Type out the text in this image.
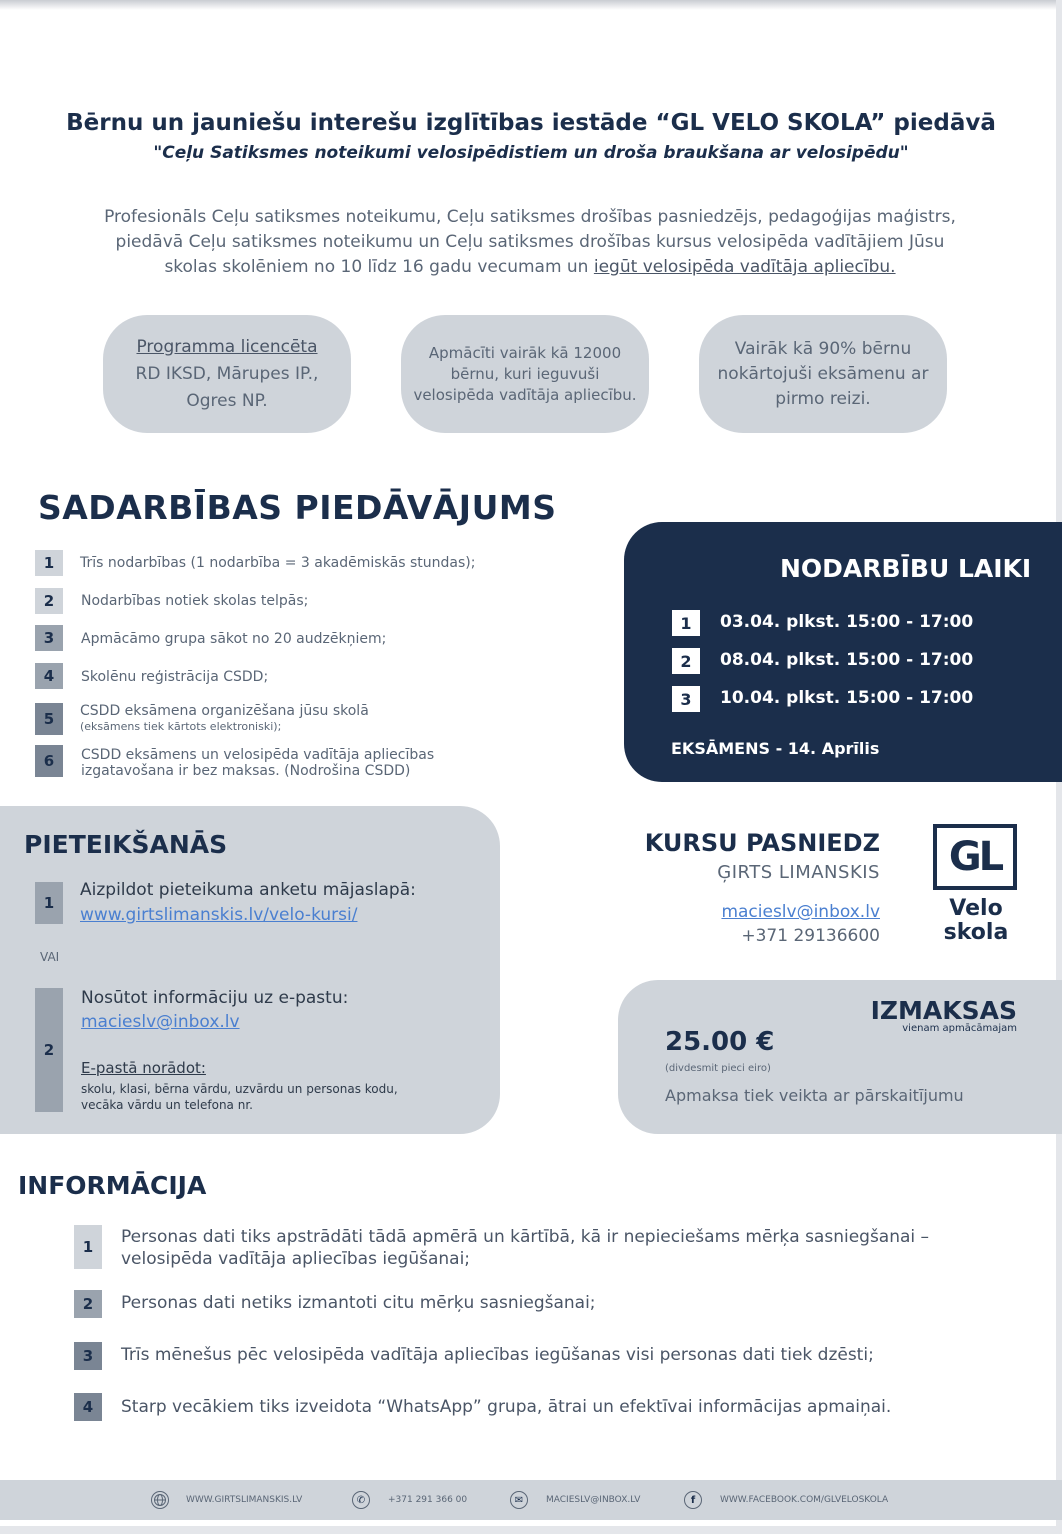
Bērnu un jauniešu interešu izglītības iestāde “GL VELO SKOLA” piedāvā
"Ceļu Satiksmes noteikumi velosipēdistiem un droša braukšana ar velosipēdu"
Profesionāls Ceļu satiksmes noteikumu, Ceļu satiksmes drošības pasniedzējs, pedagoģijas maģistrs,
piedāvā Ceļu satiksmes noteikumu un Ceļu satiksmes drošības kursus velosipēda vadītājiem Jūsu
skolas skolēniem no 10 līdz 16 gadu vecumam un iegūt velosipēda vadītāja apliecību.
Programma licencēta
RD IKSD, Mārupes IP.,
Ogres NP.
Apmācīti vairāk kā 12000 bērnu, kuri ieguvuši velosipēda vadītāja apliecību.
Vairāk kā 90% bērnu nokārtojuši eksāmenu ar pirmo reizi.
SADARBĪBAS PIEDĀVĀJUMS
1	Trīs nodarbības (1 nodarbība = 3 akadēmiskās stundas);
2	Nodarbības notiek skolas telpās;
3	Apmācāmo grupa sākot no 20 audzēkņiem;
4	Skolēnu reģistrācija CSDD;
5	CSDD eksāmena organizēšana jūsu skolā
(eksāmens tiek kārtots elektroniski);
6	CSDD eksāmens un velosipēda vadītāja apliecības
izgatavošana ir bez maksas. (Nodrošina CSDD)
NODARBĪBU LAIKI
1	03.04. plkst. 15:00 - 17:00
2	08.04. plkst. 15:00 - 17:00
3	10.04. plkst. 15:00 - 17:00
EKSĀMENS - 14. Aprīlis
PIETEIKŠANĀS
1
Aizpildot pieteikuma anketu mājaslapā:
www.girtslimanskis.lv/velo-kursi/
VAI
2
Nosūtot informāciju uz e-pastu:
macieslv@inbox.lv
E-pastā norādot:
skolu, klasi, bērna vārdu, uzvārdu un personas kodu,
vecāka vārdu un telefona nr.
KURSU PASNIEDZ
ĢIRTS LIMANSKIS
macieslv@inbox.lv
+371 29136600
GL
Velo
skola
IZMAKSAS
vienam apmācāmajam
25.00 €
(divdesmit pieci eiro)
Apmaksa tiek veikta ar pārskaitījumu
INFORMĀCIJA
1	Personas dati tiks apstrādāti tādā apmērā un kārtībā, kā ir nepieciešams mērķa sasniegšanai –
velosipēda vadītāja apliecības iegūšanai;
2	Personas dati netiks izmantoti citu mērķu sasniegšanai;
3	Trīs mēnešus pēc velosipēda vadītāja apliecības iegūšanas visi personas dati tiek dzēsti;
4	Starp vecākiem tiks izveidota “WhatsApp” grupa, ātrai un efektīvai informācijas apmaiņai.
WWW.GIRTSLIMANSKIS.LV	✆	+371 291 366 00	✉	MACIESLV@INBOX.LV	f	WWW.FACEBOOK.COM/GLVELOSKOLA
